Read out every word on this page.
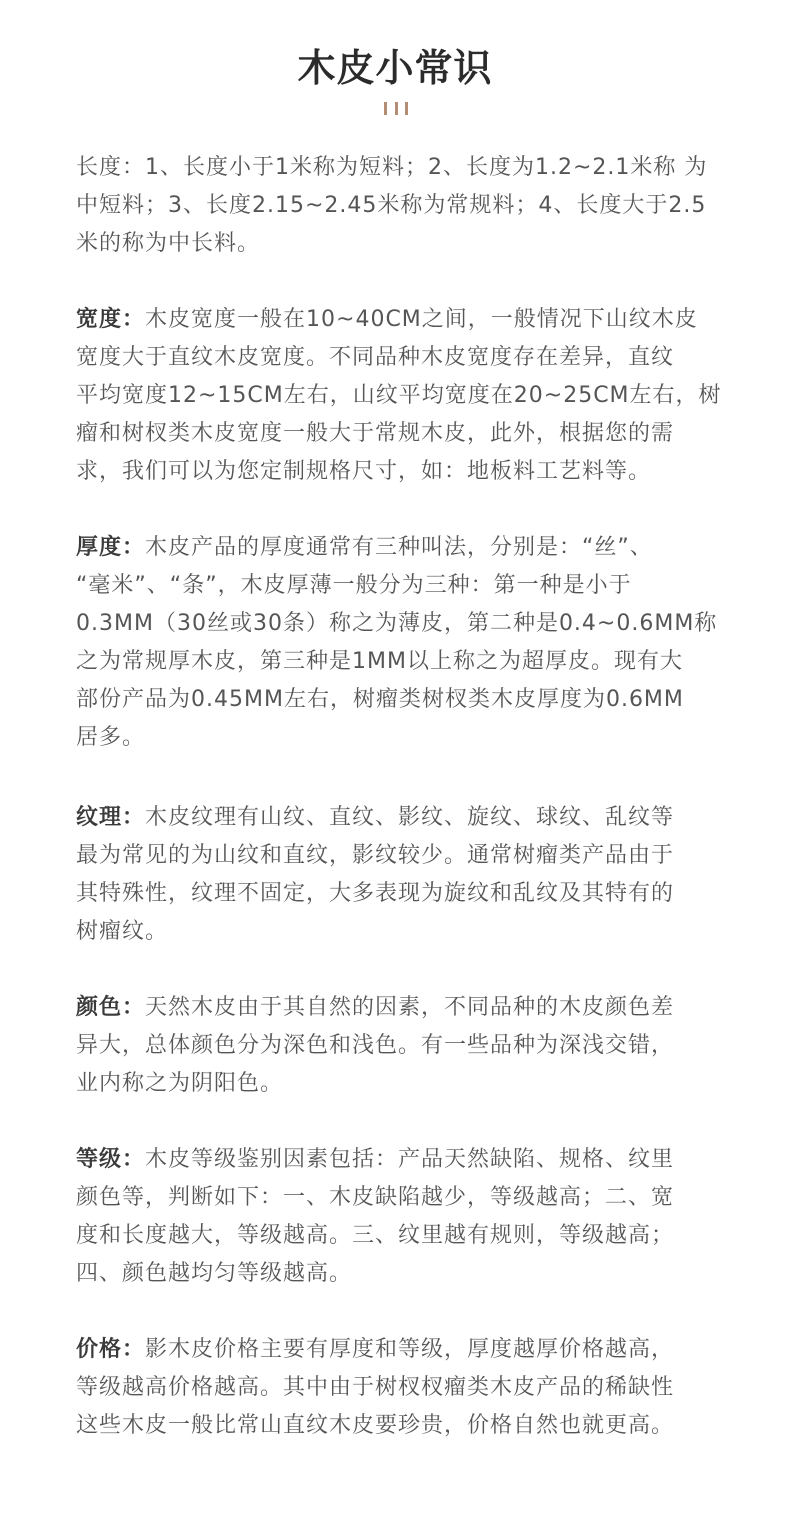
木皮小常识
长度：1、长度小于1米称为短料；2、长度为1.2~2.1米称 为
中短料；3、长度2.15~2.45米称为常规料；4、长度大于2.5
米的称为中长料。
宽度：木皮宽度一般在10~40CM之间，一般情况下山纹木皮
宽度大于直纹木皮宽度。不同品种木皮宽度存在差异，直纹
平均宽度12~15CM左右，山纹平均宽度在20~25CM左右，树
瘤和树杈类木皮宽度一般大于常规木皮，此外，根据您的需
求，我们可以为您定制规格尺寸，如：地板料工艺料等。
厚度：木皮产品的厚度通常有三种叫法，分别是：“丝”、
“毫米”、“条”，木皮厚薄一般分为三种：第一种是小于
0.3MM（30丝或30条）称之为薄皮，第二种是0.4~0.6MM称
之为常规厚木皮，第三种是1MM以上称之为超厚皮。现有大
部份产品为0.45MM左右，树瘤类树杈类木皮厚度为0.6MM
居多。
纹理：木皮纹理有山纹、直纹、影纹、旋纹、球纹、乱纹等
最为常见的为山纹和直纹，影纹较少。通常树瘤类产品由于
其特殊性，纹理不固定，大多表现为旋纹和乱纹及其特有的
树瘤纹。
颜色：天然木皮由于其自然的因素，不同品种的木皮颜色差
异大，总体颜色分为深色和浅色。有一些品种为深浅交错，
业内称之为阴阳色。
等级：木皮等级鉴别因素包括：产品天然缺陷、规格、纹里
颜色等，判断如下：一、木皮缺陷越少，等级越高；二、宽
度和长度越大，等级越高。三、纹里越有规则，等级越高；
四、颜色越均匀等级越高。
价格：影木皮价格主要有厚度和等级，厚度越厚价格越高，
等级越高价格越高。其中由于树杈杈瘤类木皮产品的稀缺性
这些木皮一般比常山直纹木皮要珍贵，价格自然也就更高。
